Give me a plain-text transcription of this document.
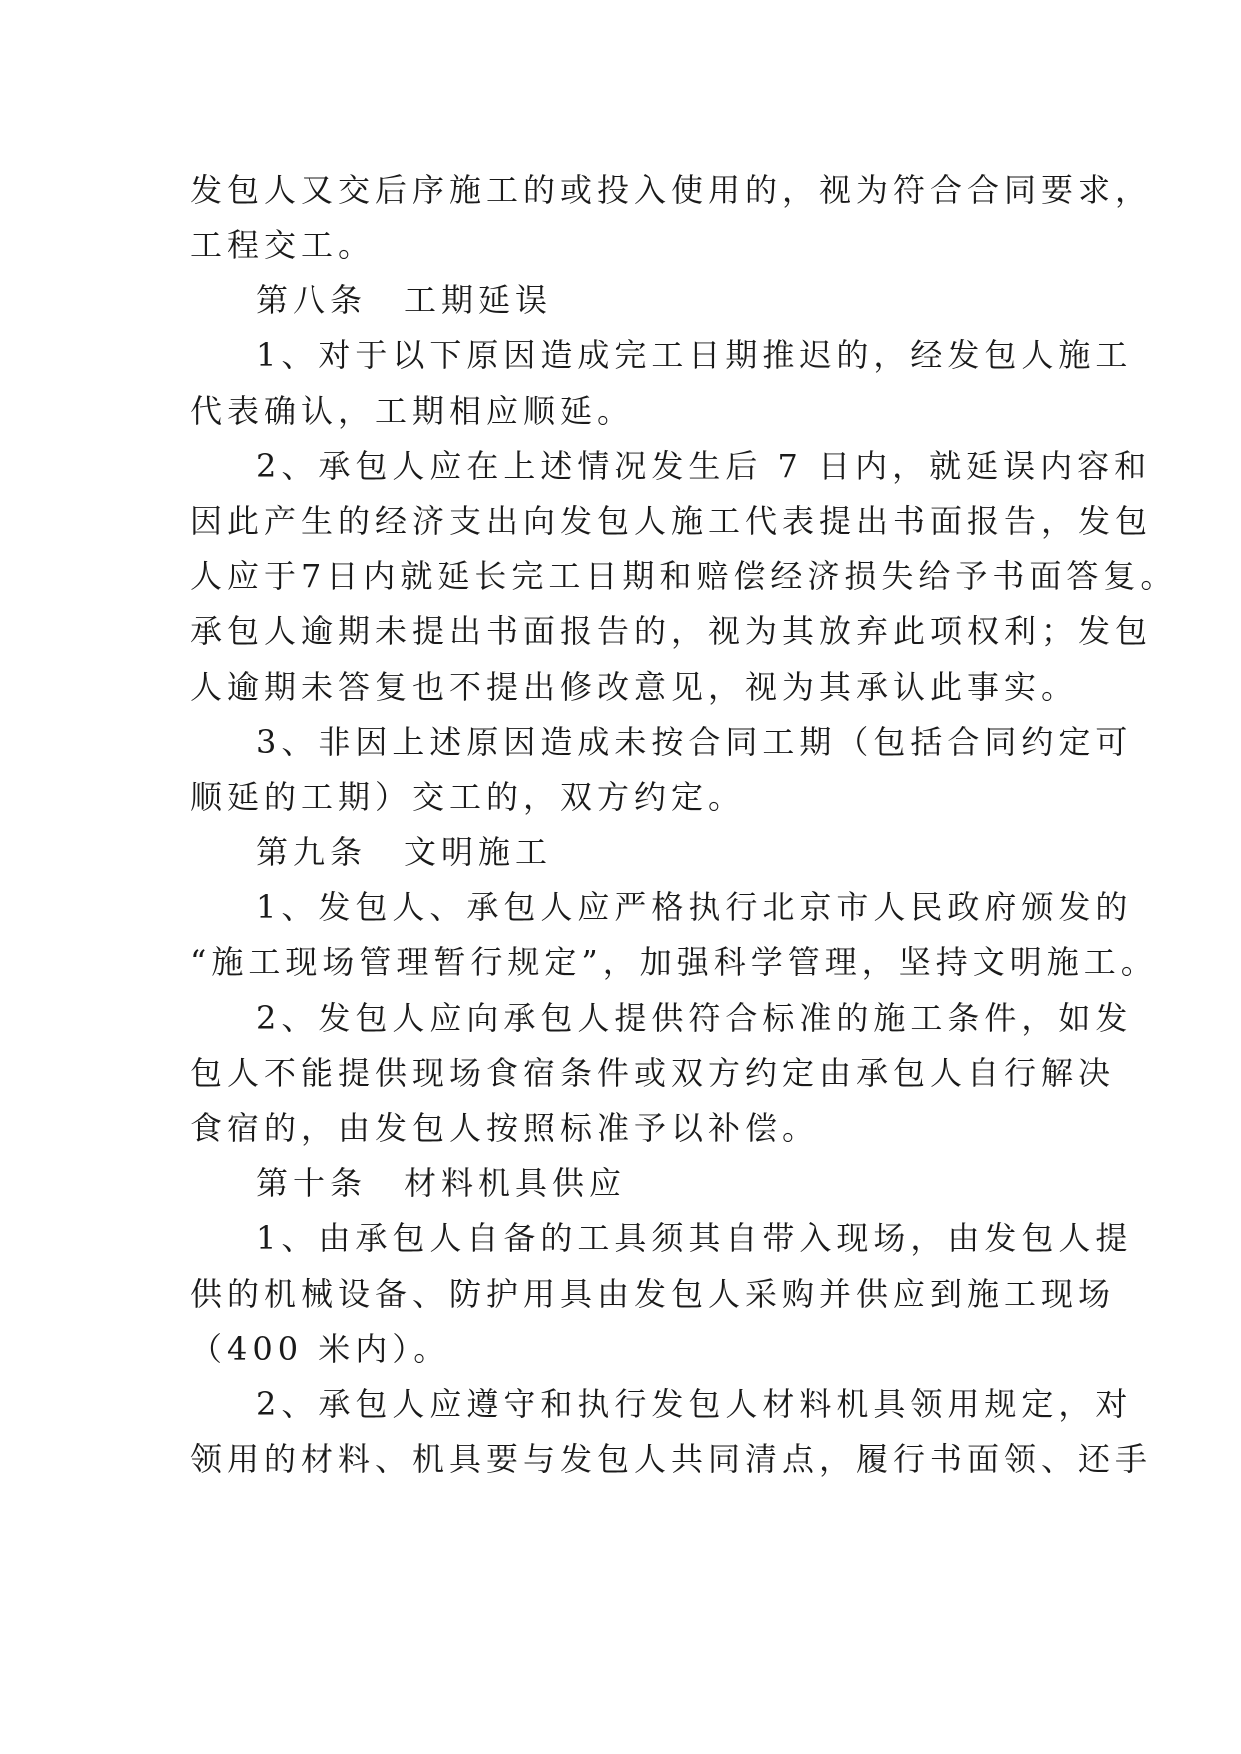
发包人又交后序施工的或投入使用的，视为符合合同要求，
工程交工。
第八条　工期延误
1、对于以下原因造成完工日期推迟的，经发包人施工
代表确认，工期相应顺延。
2、承包人应在上述情况发生后 7 日内，就延误内容和
因此产生的经济支出向发包人施工代表提出书面报告，发包
人应于7日内就延长完工日期和赔偿经济损失给予书面答复。
承包人逾期未提出书面报告的，视为其放弃此项权利；发包
人逾期未答复也不提出修改意见，视为其承认此事实。
3、非因上述原因造成未按合同工期（包括合同约定可
顺延的工期）交工的，双方约定。
第九条　文明施工
1、发包人、承包人应严格执行北京市人民政府颁发的
“施工现场管理暂行规定”，加强科学管理，坚持文明施工。
2、发包人应向承包人提供符合标准的施工条件，如发
包人不能提供现场食宿条件或双方约定由承包人自行解决
食宿的，由发包人按照标准予以补偿。
第十条　材料机具供应
1、由承包人自备的工具须其自带入现场，由发包人提
供的机械设备、防护用具由发包人采购并供应到施工现场
（400 米内）。
2、承包人应遵守和执行发包人材料机具领用规定，对
领用的材料、机具要与发包人共同清点，履行书面领、还手
